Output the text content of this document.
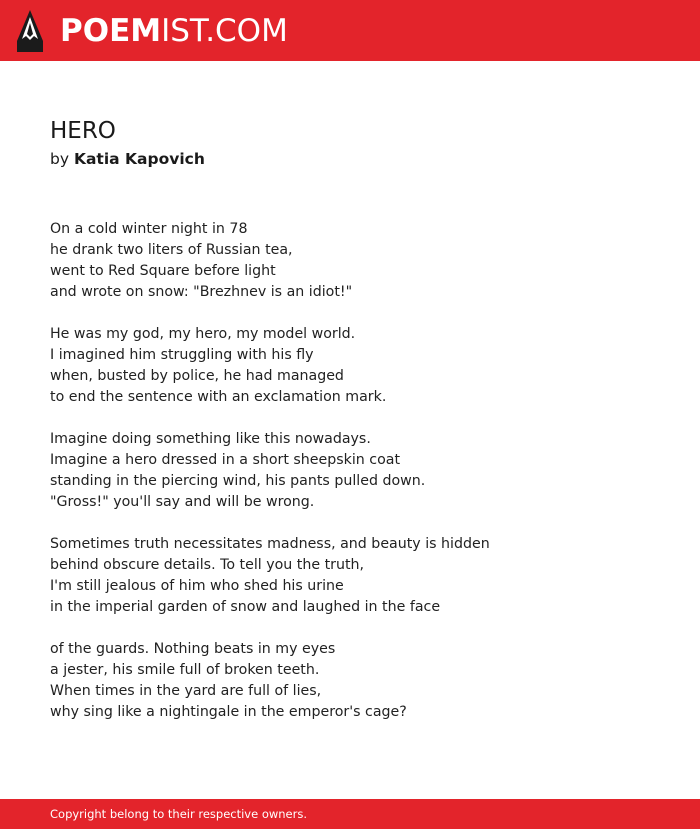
POEMIST.COM
HERO
by Katia Kapovich
On a cold winter night in 78
he drank two liters of Russian tea,
went to Red Square before light
and wrote on snow: "Brezhnev is an idiot!"
He was my god, my hero, my model world.
I imagined him struggling with his fly
when, busted by police, he had managed
to end the sentence with an exclamation mark.
Imagine doing something like this nowadays.
Imagine a hero dressed in a short sheepskin coat
standing in the piercing wind, his pants pulled down.
"Gross!" you'll say and will be wrong.
Sometimes truth necessitates madness, and beauty is hidden
behind obscure details. To tell you the truth,
I'm still jealous of him who shed his urine
in the imperial garden of snow and laughed in the face
of the guards. Nothing beats in my eyes
a jester, his smile full of broken teeth.
When times in the yard are full of lies,
why sing like a nightingale in the emperor's cage?
Copyright belong to their respective owners.
